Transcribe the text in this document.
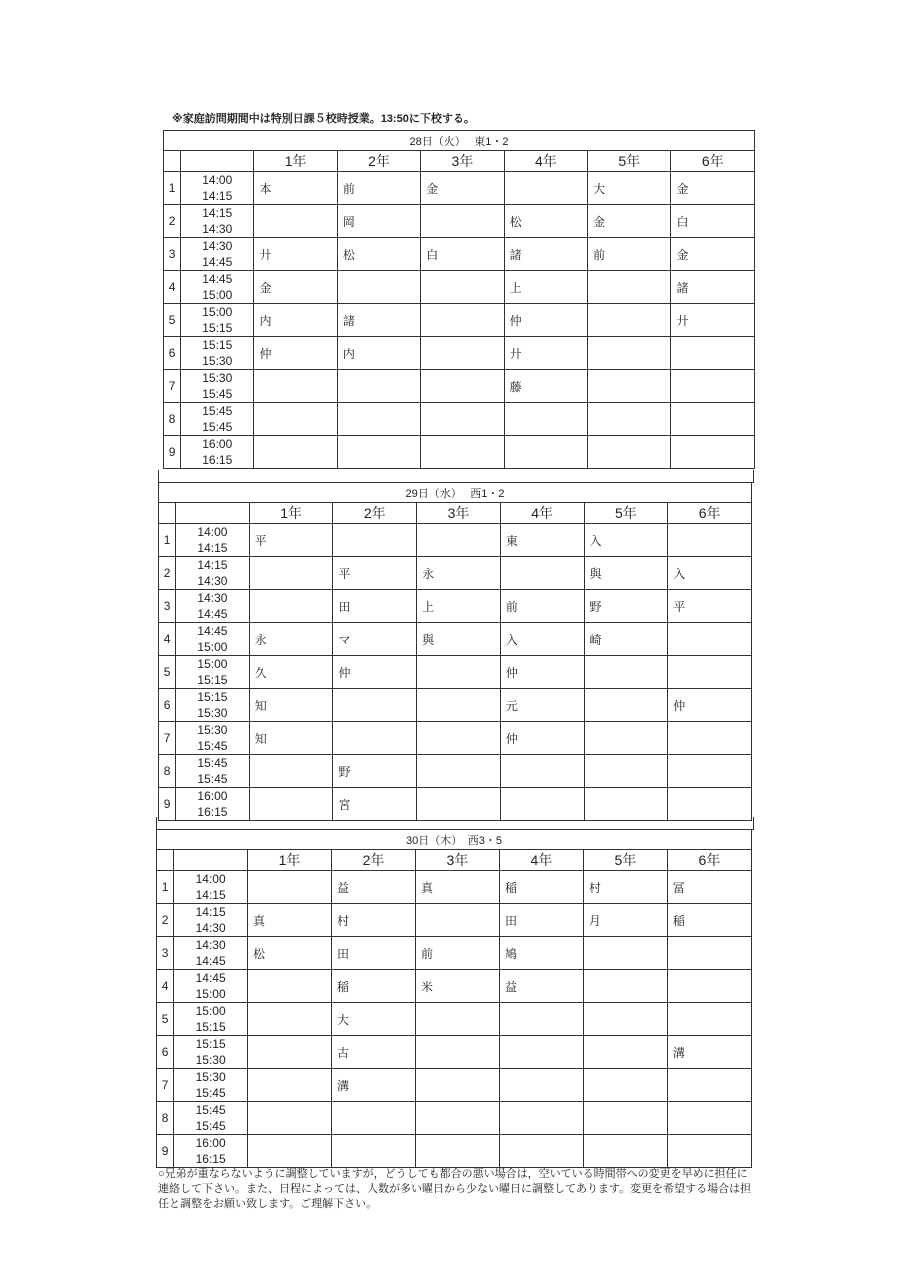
※家庭訪問期間中は特別日課５校時授業。13:50に下校する。
28日（火）　 東1・2							
		1年	2年	3年	4年	5年	6年
1	14:00
14:15	本	前	金		大	金
2	14:15
14:30		岡		松	金	白
3	14:30
14:45	廾	松	白	諸	前	金
4	14:45
15:00	金			上		諸
5	15:00
15:15	内	諸		仲		廾
6	15:15
15:30	仲	内		廾		
7	15:30
15:45				藤		
8	15:45
15:45						

9	16:00
16:15						

29日（水）　 西1・2							
		1年	2年	3年	4年	5年	6年
1	14:00
14:15	平			東	入	
2	14:15
14:30		平	永		與	入
3	14:30
14:45		田	上	前	野	平
4	14:45
15:00	永	マ	與	入	崎	
5	15:00
15:15	久	仲		仲		
6	15:15
15:30	知			元		仲
7	15:30
15:45	知			仲		
8	15:45
15:45		野				
9	16:00
16:15		宮				
30日（木）　西3・5							
		1年	2年	3年	4年	5年	6年
1	14:00
14:15		益	真	稲	村	冨
2	14:15
14:30	真	村		田	月	稲
3	14:30
14:45	松	田	前	鳩		
4	14:45
15:00		稲	米	益		
5	15:00
15:15		大				
6	15:15
15:30		古				溝
7	15:30
15:45		溝				
8	15:45
15:45						

9	16:00
16:15						

○兄弟が重ならないように調整していますが，どうしても都合の悪い場合は，空いている時間帯への変更を早めに担任に連絡して下さい。また、日程によっては、人数が多い曜日から少ない曜日に調整してあります。変更を希望する場合は担任と調整をお願い致します。ご理解下さい。
